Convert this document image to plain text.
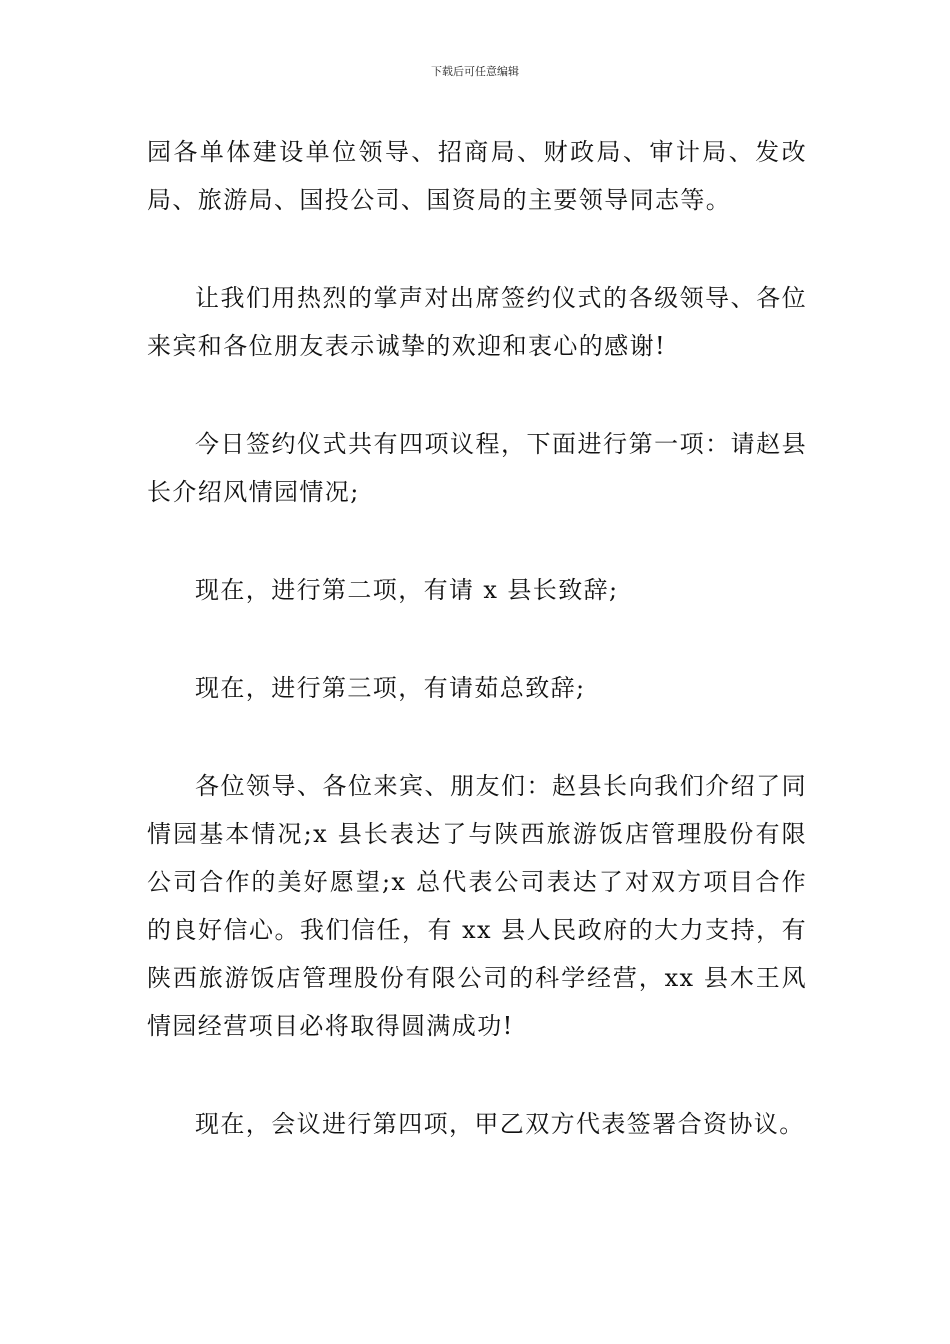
下载后可任意编辑

园各单体建设单位领导、招商局、财政局、审计局、发改局、旅游局、国投公司、国资局的主要领导同志等。

让我们用热烈的掌声对出席签约仪式的各级领导、各位来宾和各位朋友表示诚挚的欢迎和衷心的感谢!

今日签约仪式共有四项议程，下面进行第一项：请赵县长介绍风情园情况;

现在，进行第二项，有请 x 县长致辞;

现在，进行第三项，有请茹总致辞;

各位领导、各位来宾、朋友们：赵县长向我们介绍了同情园基本情况;x 县长表达了与陕西旅游饭店管理股份有限公司合作的美好愿望;x 总代表公司表达了对双方项目合作的良好信心。我们信任，有 xx 县人民政府的大力支持，有陕西旅游饭店管理股份有限公司的科学经营，xx 县木王风情园经营项目必将取得圆满成功!

现在，会议进行第四项，甲乙双方代表签署合资协议。
